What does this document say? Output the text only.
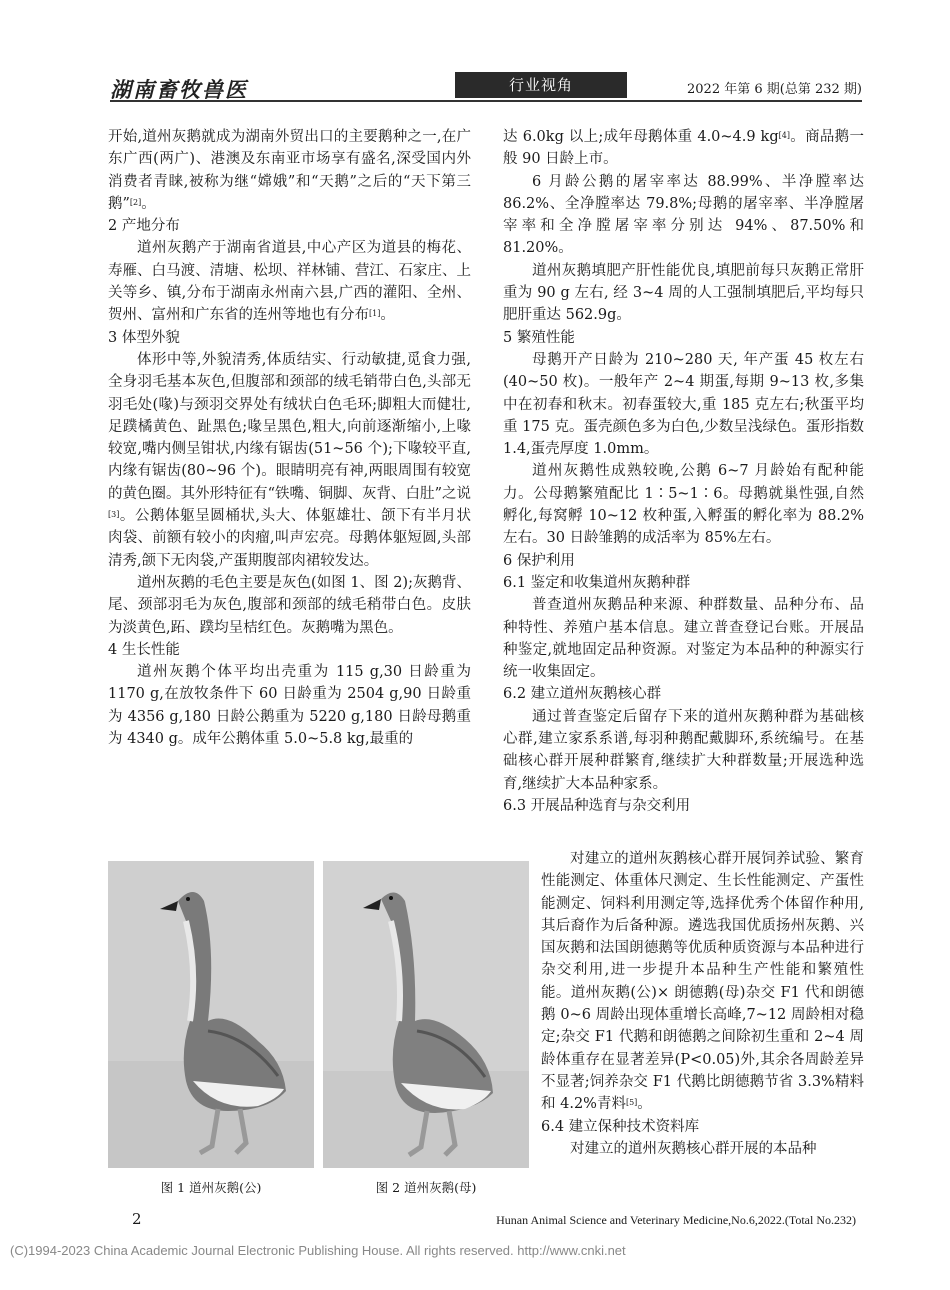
湖南畜牧兽医	行业视角	2022 年第 6 期(总第 232 期)

开始,道州灰鹅就成为湖南外贸出口的主要鹅种之一,在广东广西(两广)、港澳及东南亚市场享有盛名,深受国内外消费者青睐,被称为继“嫦娥”和“天鹅”之后的“天下第三鹅”[2]。

2 产地分布

道州灰鹅产于湖南省道县,中心产区为道县的梅花、寿雁、白马渡、清塘、松坝、祥林铺、营江、石家庄、上关等乡、镇,分布于湖南永州南六县,广西的灌阳、全州、贺州、富州和广东省的连州等地也有分布[1]。

3 体型外貌

体形中等,外貌清秀,体质结实、行动敏捷,觅食力强,全身羽毛基本灰色,但腹部和颈部的绒毛销带白色,头部无羽毛处(喙)与颈羽交界处有绒状白色毛环;脚粗大而健壮,足蹼橘黄色、趾黑色;喙呈黑色,粗大,向前逐渐缩小,上喙较宽,嘴内侧呈钳状,内缘有锯齿(51~56 个);下喙较平直,内缘有锯齿(80~96 个)。眼睛明亮有神,两眼周围有较宽的黄色圈。其外形特征有“铁嘴、铜脚、灰背、白肚”之说[3]。公鹅体躯呈圆桶状,头大、体躯雄壮、颌下有半月状肉袋、前额有较小的肉瘤,叫声宏亮。母鹅体躯短圆,头部清秀,颌下无肉袋,产蛋期腹部肉裙较发达。

道州灰鹅的毛色主要是灰色(如图 1、图 2);灰鹅背、尾、颈部羽毛为灰色,腹部和颈部的绒毛稍带白色。皮肤为淡黄色,跖、蹼均呈桔红色。灰鹅嘴为黑色。

4 生长性能

道州灰鹅个体平均出壳重为 115 g,30 日龄重为 1170 g,在放牧条件下 60 日龄重为 2504 g,90 日龄重为 4356 g,180 日龄公鹅重为 5220 g,180 日龄母鹅重为 4340 g。成年公鹅体重 5.0~5.8 kg,最重的

达 6.0kg 以上;成年母鹅体重 4.0~4.9 kg[4]。商品鹅一般 90 日龄上市。

6 月龄公鹅的屠宰率达 88.99%、半净膛率达 86.2%、全净膛率达 79.8%;母鹅的屠宰率、半净膛屠宰率和全净膛屠宰率分别达 94%、87.50%和 81.20%。

道州灰鹅填肥产肝性能优良,填肥前每只灰鹅正常肝重为 90 g 左右, 经 3~4 周的人工强制填肥后,平均每只肥肝重达 562.9g。

5 繁殖性能

母鹅开产日龄为 210~280 天, 年产蛋 45 枚左右(40~50 枚)。一般年产 2~4 期蛋,每期 9~13 枚,多集中在初春和秋末。初春蛋较大,重 185 克左右;秋蛋平均重 175 克。蛋壳颜色多为白色,少数呈浅绿色。蛋形指数 1.4,蛋壳厚度 1.0mm。

道州灰鹅性成熟较晚,公鹅 6~7 月龄始有配种能力。公母鹅繁殖配比 1∶5~1∶6。母鹅就巢性强,自然孵化,每窝孵 10~12 枚种蛋,入孵蛋的孵化率为 88.2%左右。30 日龄雏鹅的成活率为 85%左右。

6 保护利用

6.1 鉴定和收集道州灰鹅种群

普查道州灰鹅品种来源、种群数量、品种分布、品种特性、养殖户基本信息。建立普查登记台账。开展品种鉴定,就地固定品种资源。对鉴定为本品种的种源实行统一收集固定。

6.2 建立道州灰鹅核心群

通过普查鉴定后留存下来的道州灰鹅种群为基础核心群,建立家系系谱,每羽种鹅配戴脚环,系统编号。在基础核心群开展种群繁育,继续扩大种群数量;开展选种选育,继续扩大本品种家系。

6.3 开展品种选育与杂交利用

对建立的道州灰鹅核心群开展饲养试验、繁育性能测定、体重体尺测定、生长性能测定、产蛋性能测定、饲料利用测定等,选择优秀个体留作种用,其后裔作为后备种源。遴选我国优质扬州灰鹅、兴国灰鹅和法国朗德鹅等优质种质资源与本品种进行杂交利用,进一步提升本品种生产性能和繁殖性能。道州灰鹅(公)× 朗德鹅(母)杂交 F1 代和朗德鹅 0~6 周龄出现体重增长高峰,7~12 周龄相对稳定;杂交 F1 代鹅和朗德鹅之间除初生重和 2~4 周龄体重存在显著差异(P<0.05)外,其余各周龄差异不显著;饲养杂交 F1 代鹅比朗德鹅节省 3.3%精料和 4.2%青料[5]。

6.4 建立保种技术资料库

对建立的道州灰鹅核心群开展的本品种

图 1 道州灰鹅(公)	图 2 道州灰鹅(母)
2	Hunan Animal Science and Veterinary Medicine,No.6,2022.(Total No.232)
(C)1994-2023 China Academic Journal Electronic Publishing House. All rights reserved. http://www.cnki.net
